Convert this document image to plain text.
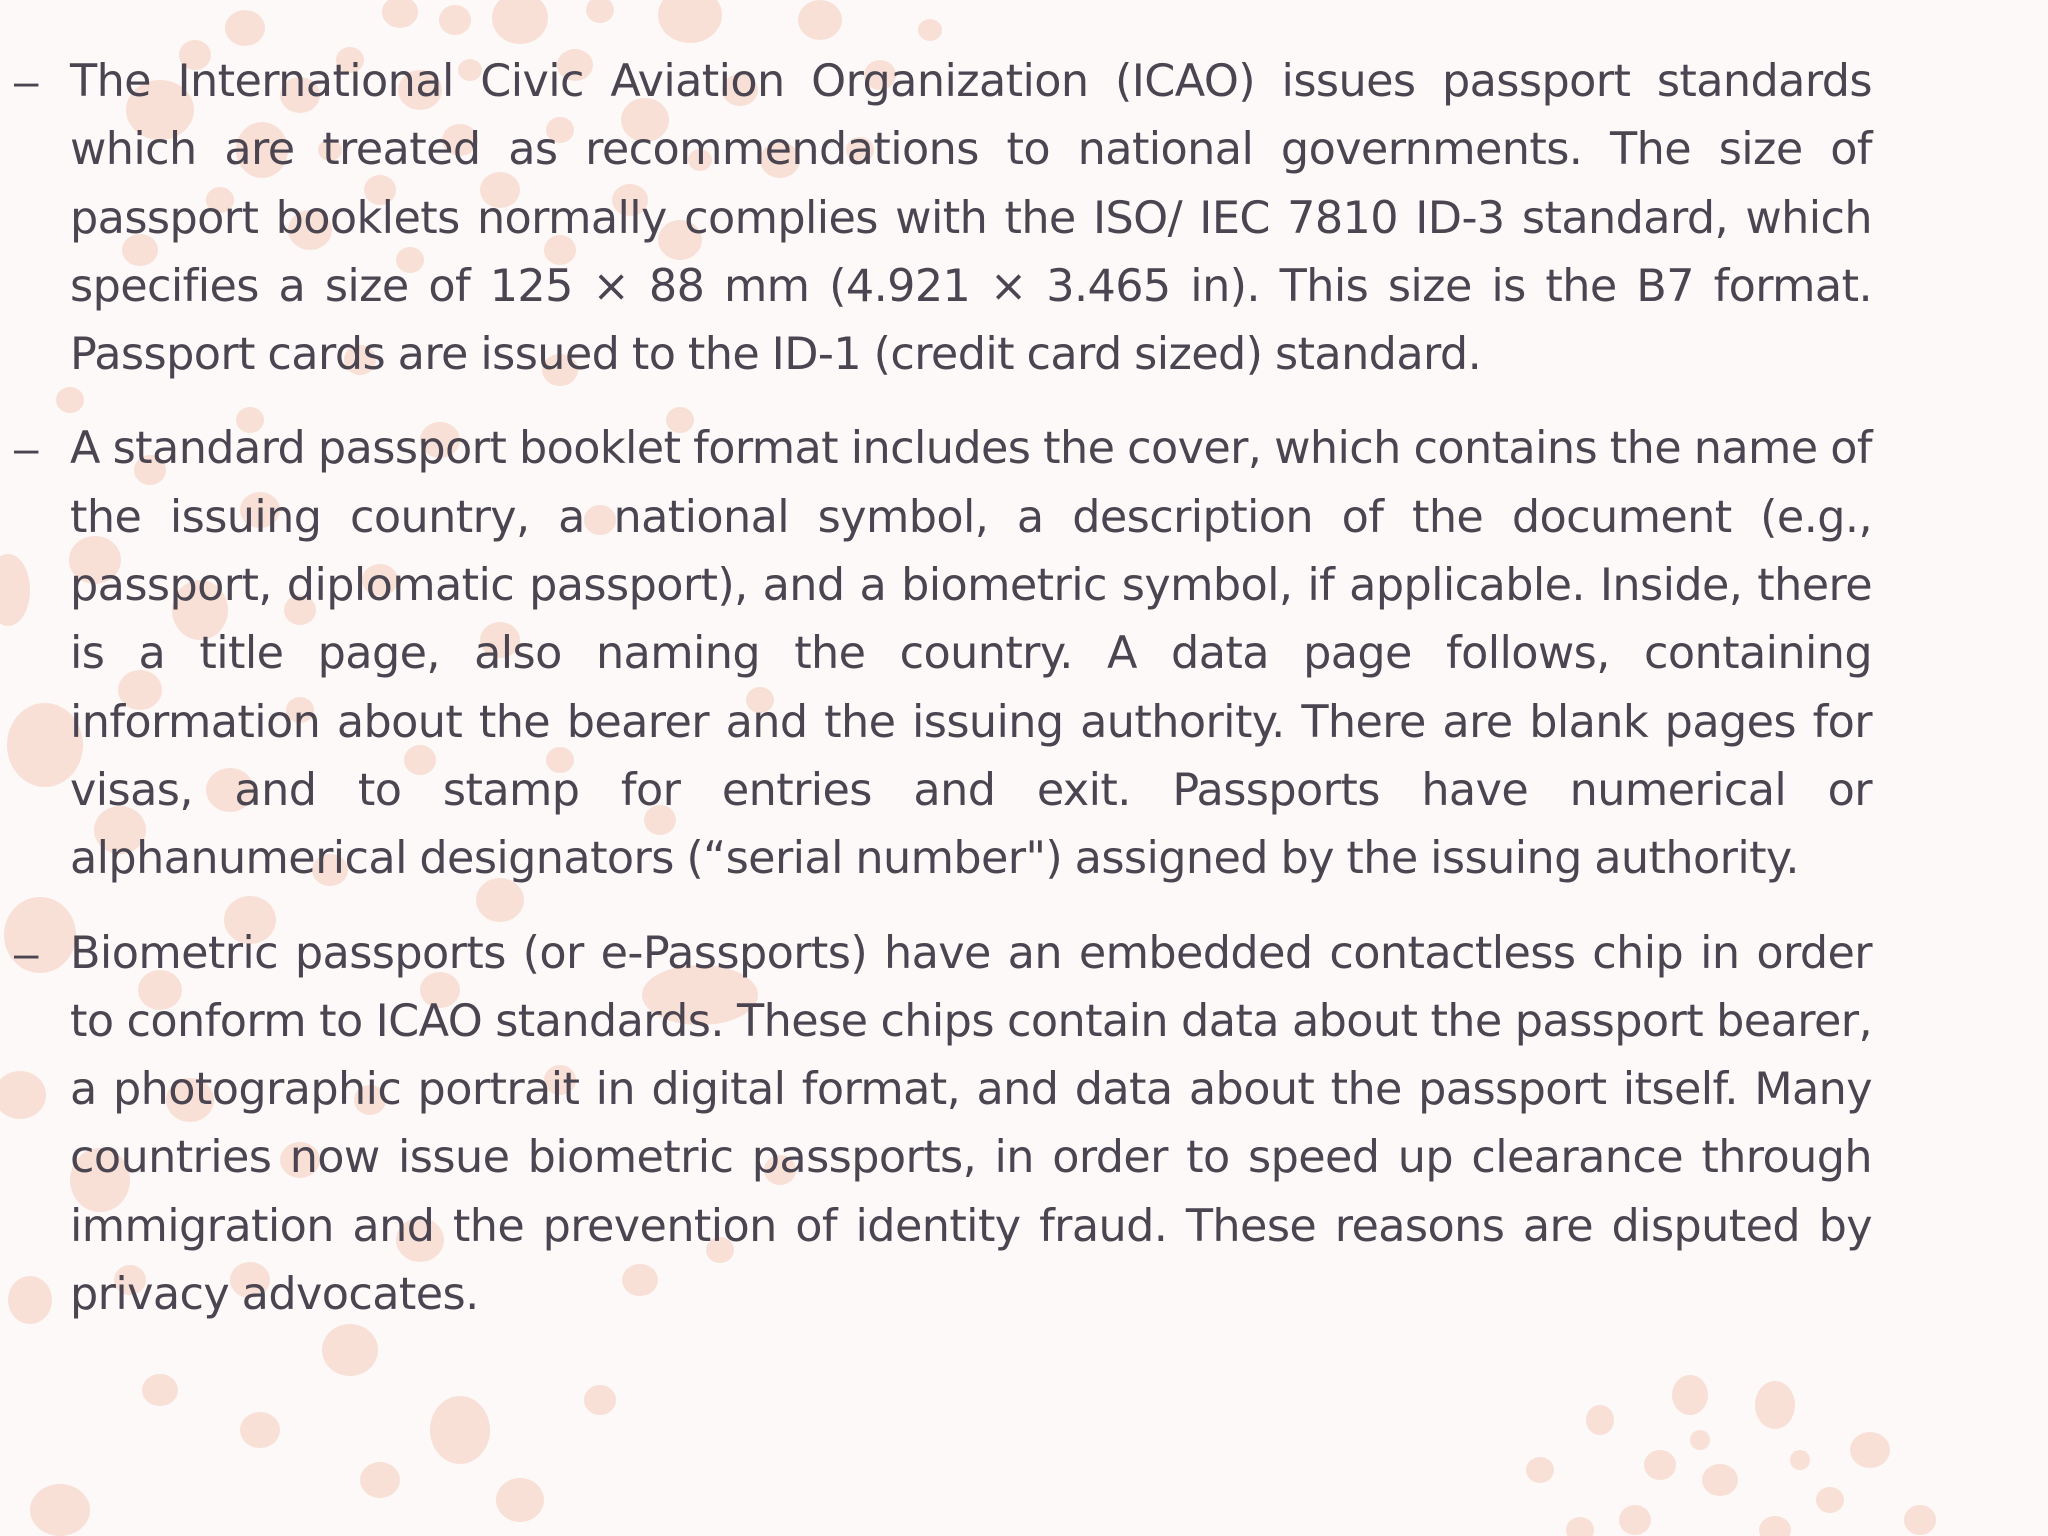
– The International Civic Aviation Organization (ICAO) issues passport standards which are treated as recommendations to national governments. The size of passport booklets normally complies with the ISO/ IEC 7810 ID-3 standard, which specifies a size of 125 × 88 mm (4.921 × 3.465 in). This size is the B7 format. Passport cards are issued to the ID-1 (credit card sized) standard.
– A standard passport booklet format includes the cover, which contains the name of the issuing country, a national symbol, a description of the document (e.g., passport, diplomatic passport), and a biometric symbol, if applicable. Inside, there is a title page, also naming the country. A data page follows, containing information about the bearer and the issuing authority. There are blank pages for visas, and to stamp for entries and exit. Passports have numerical or alphanumerical designators (“serial number") assigned by the issuing authority.
– Biometric passports (or e-Passports) have an embedded contactless chip in order to conform to ICAO standards. These chips contain data about the passport bearer, a photographic portrait in digital format, and data about the passport itself. Many countries now issue biometric passports, in order to speed up clearance through immigration and the prevention of identity fraud. These reasons are disputed by privacy advocates.
